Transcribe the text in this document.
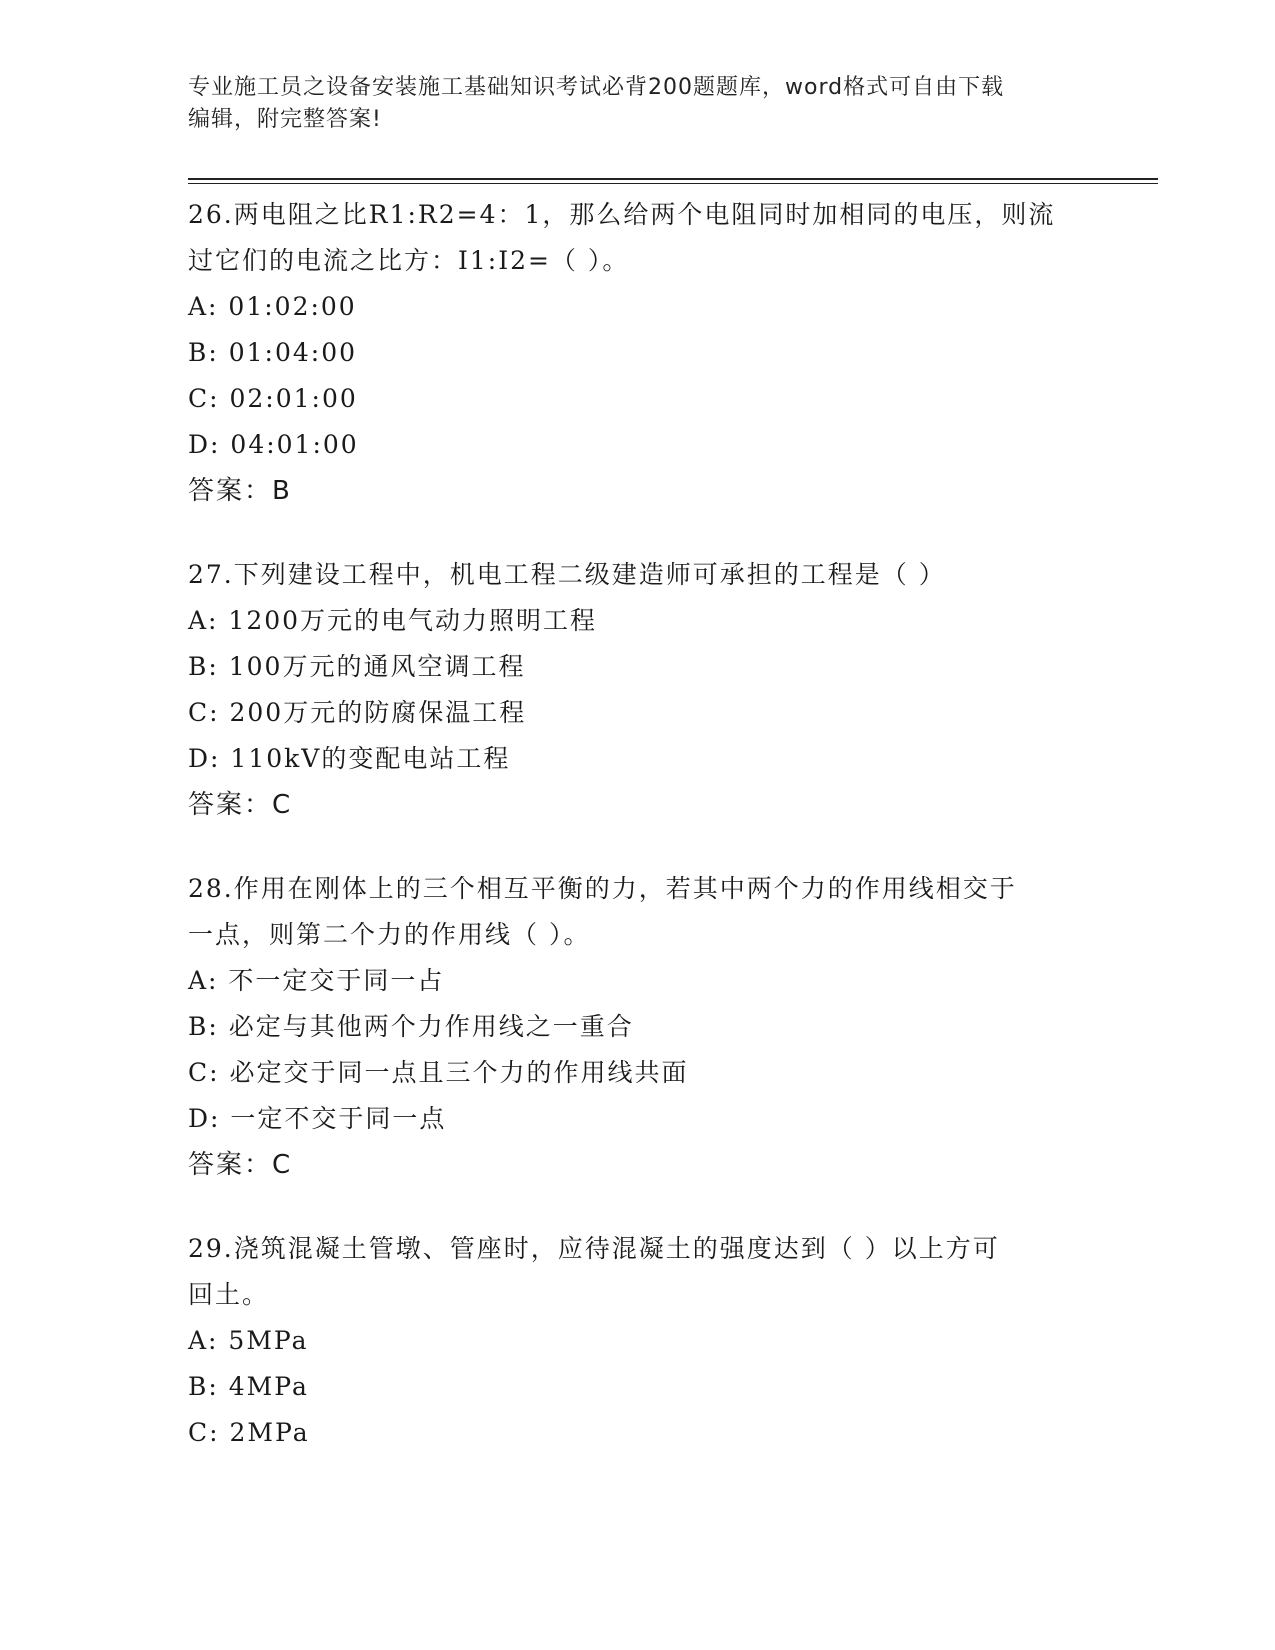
专业施工员之设备安装施工基础知识考试必背200题题库，word格式可自由下载
编辑，附完整答案!

26.两电阻之比R1:R2=4：1，那么给两个电阻同时加相同的电压，则流

过它们的电流之比方：I1:I2=（ ）。

A: 01:02:00

B: 01:04:00

C: 02:01:00

D: 04:01:00

答案：B

27.下列建设工程中，机电工程二级建造师可承担的工程是（ ）

A: 1200万元的电气动力照明工程

B: 100万元的通风空调工程

C: 200万元的防腐保温工程

D: 110kV的变配电站工程

答案：C

28.作用在刚体上的三个相互平衡的力，若其中两个力的作用线相交于

一点，则第二个力的作用线（ ）。

A: 不一定交于同一占

B: 必定与其他两个力作用线之一重合

C: 必定交于同一点且三个力的作用线共面

D: 一定不交于同一点

答案：C

29.浇筑混凝土管墩、管座时，应待混凝土的强度达到（ ）以上方可

回土。

A: 5MPa

B: 4MPa

C: 2MPa
